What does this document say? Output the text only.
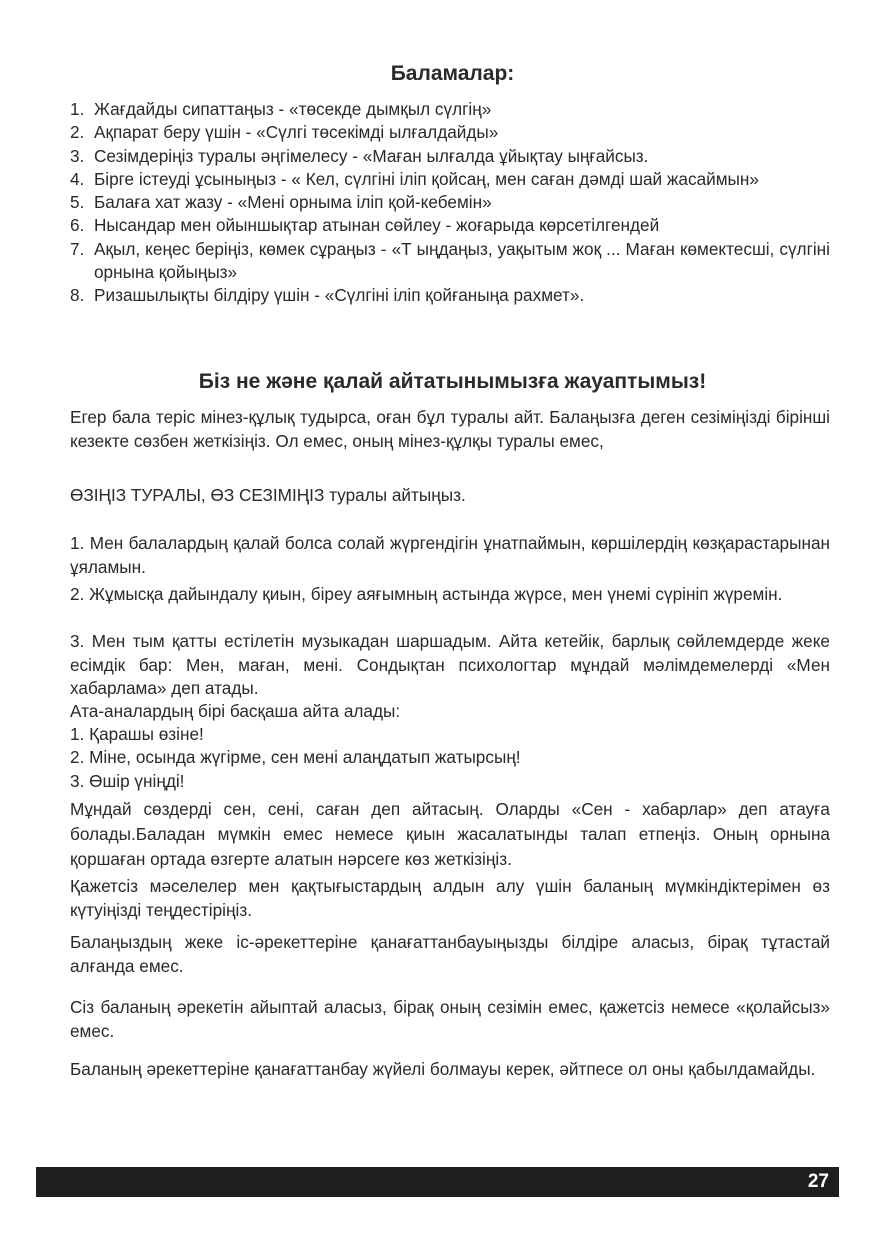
Баламалар:
1. Жағдайды сипаттаңыз - «төсекде дымқыл сүлгің»
2. Ақпарат беру үшін - «Сүлгі төсекімді ылғалдайды»
3. Сезімдеріңіз туралы әңгімелесу - «Маған ылғалда ұйықтау ыңғайсыз.
4. Бірге істеуді ұсыныңыз - « Кел, сүлгіні іліп қойсаң, мен саған дәмді шай жасаймын»
5. Балаға хат жазу - «Мені орныма іліп қой-кебемін»
6. Нысандар мен ойыншықтар атынан сөйлеу - жоғарыда көрсетілгендей
7. Ақыл, кеңес беріңіз, көмек сұраңыз - «Т ыңдаңыз, уақытым жоқ ... Маған көмектесші, сүлгіні орнына қойыңыз»
8. Ризашылықты білдіру үшін - «Сүлгіні іліп қойғаныңа рахмет».
Біз не және қалай айтатынымызға жауаптымыз!

Егер бала теріс мінез-құлық тудырса, оған бұл туралы айт. Балаңызға деген сезіміңізді бірінші кезекте сөзбен жеткізіңіз. Ол емес, оның мінез-құлқы туралы емес,

ӨЗІҢІЗ ТУРАЛЫ, ӨЗ СЕЗІМІҢІЗ туралы айтыңыз.

1. Мен балалардың қалай болса солай жүргендігін ұнатпаймын, көршілердің көзқарастарынан ұяламын.

2. Жұмысқа дайындалу қиын, біреу аяғымның астында жүрсе, мен үнемі сүрініп жүремін.

3. Мен тым қатты естілетін музыкадан шаршадым. Айта кетейік, барлық сөйлемдерде жеке есімдік бар: Мен, маған, мені. Сондықтан психологтар мұндай мәлімдемелерді «Мен хабарлама» деп атады.

Ата-аналардың бірі басқаша айта алады:

1. Қарашы өзіне!

2. Міне, осында жүгірме, сен мені алаңдатып жатырсың!

3. Өшір үніңді!

Мұндай сөздерді сен, сені, саған деп айтасың. Оларды «Сен - хабарлар» деп атауға болады.Баладан мүмкін емес немесе қиын жасалатынды талап етпеңіз. Оның орнына қоршаған ортада өзгерте алатын нәрсеге көз жеткізіңіз.

Қажетсіз мәселелер мен қақтығыстардың алдын алу үшін баланың мүмкіндіктерімен өз күтуіңізді теңдестіріңіз.

Балаңыздың жеке іс-әрекеттеріне қанағаттанбауыңызды білдіре аласыз, бірақ тұтастай алғанда емес.

Сіз баланың әрекетін айыптай аласыз, бірақ оның сезімін емес, қажетсіз немесе «қолайсыз» емес.

Баланың әрекеттеріне қанағаттанбау жүйелі болмауы керек, әйтпесе ол оны қабылдамайды.

27
